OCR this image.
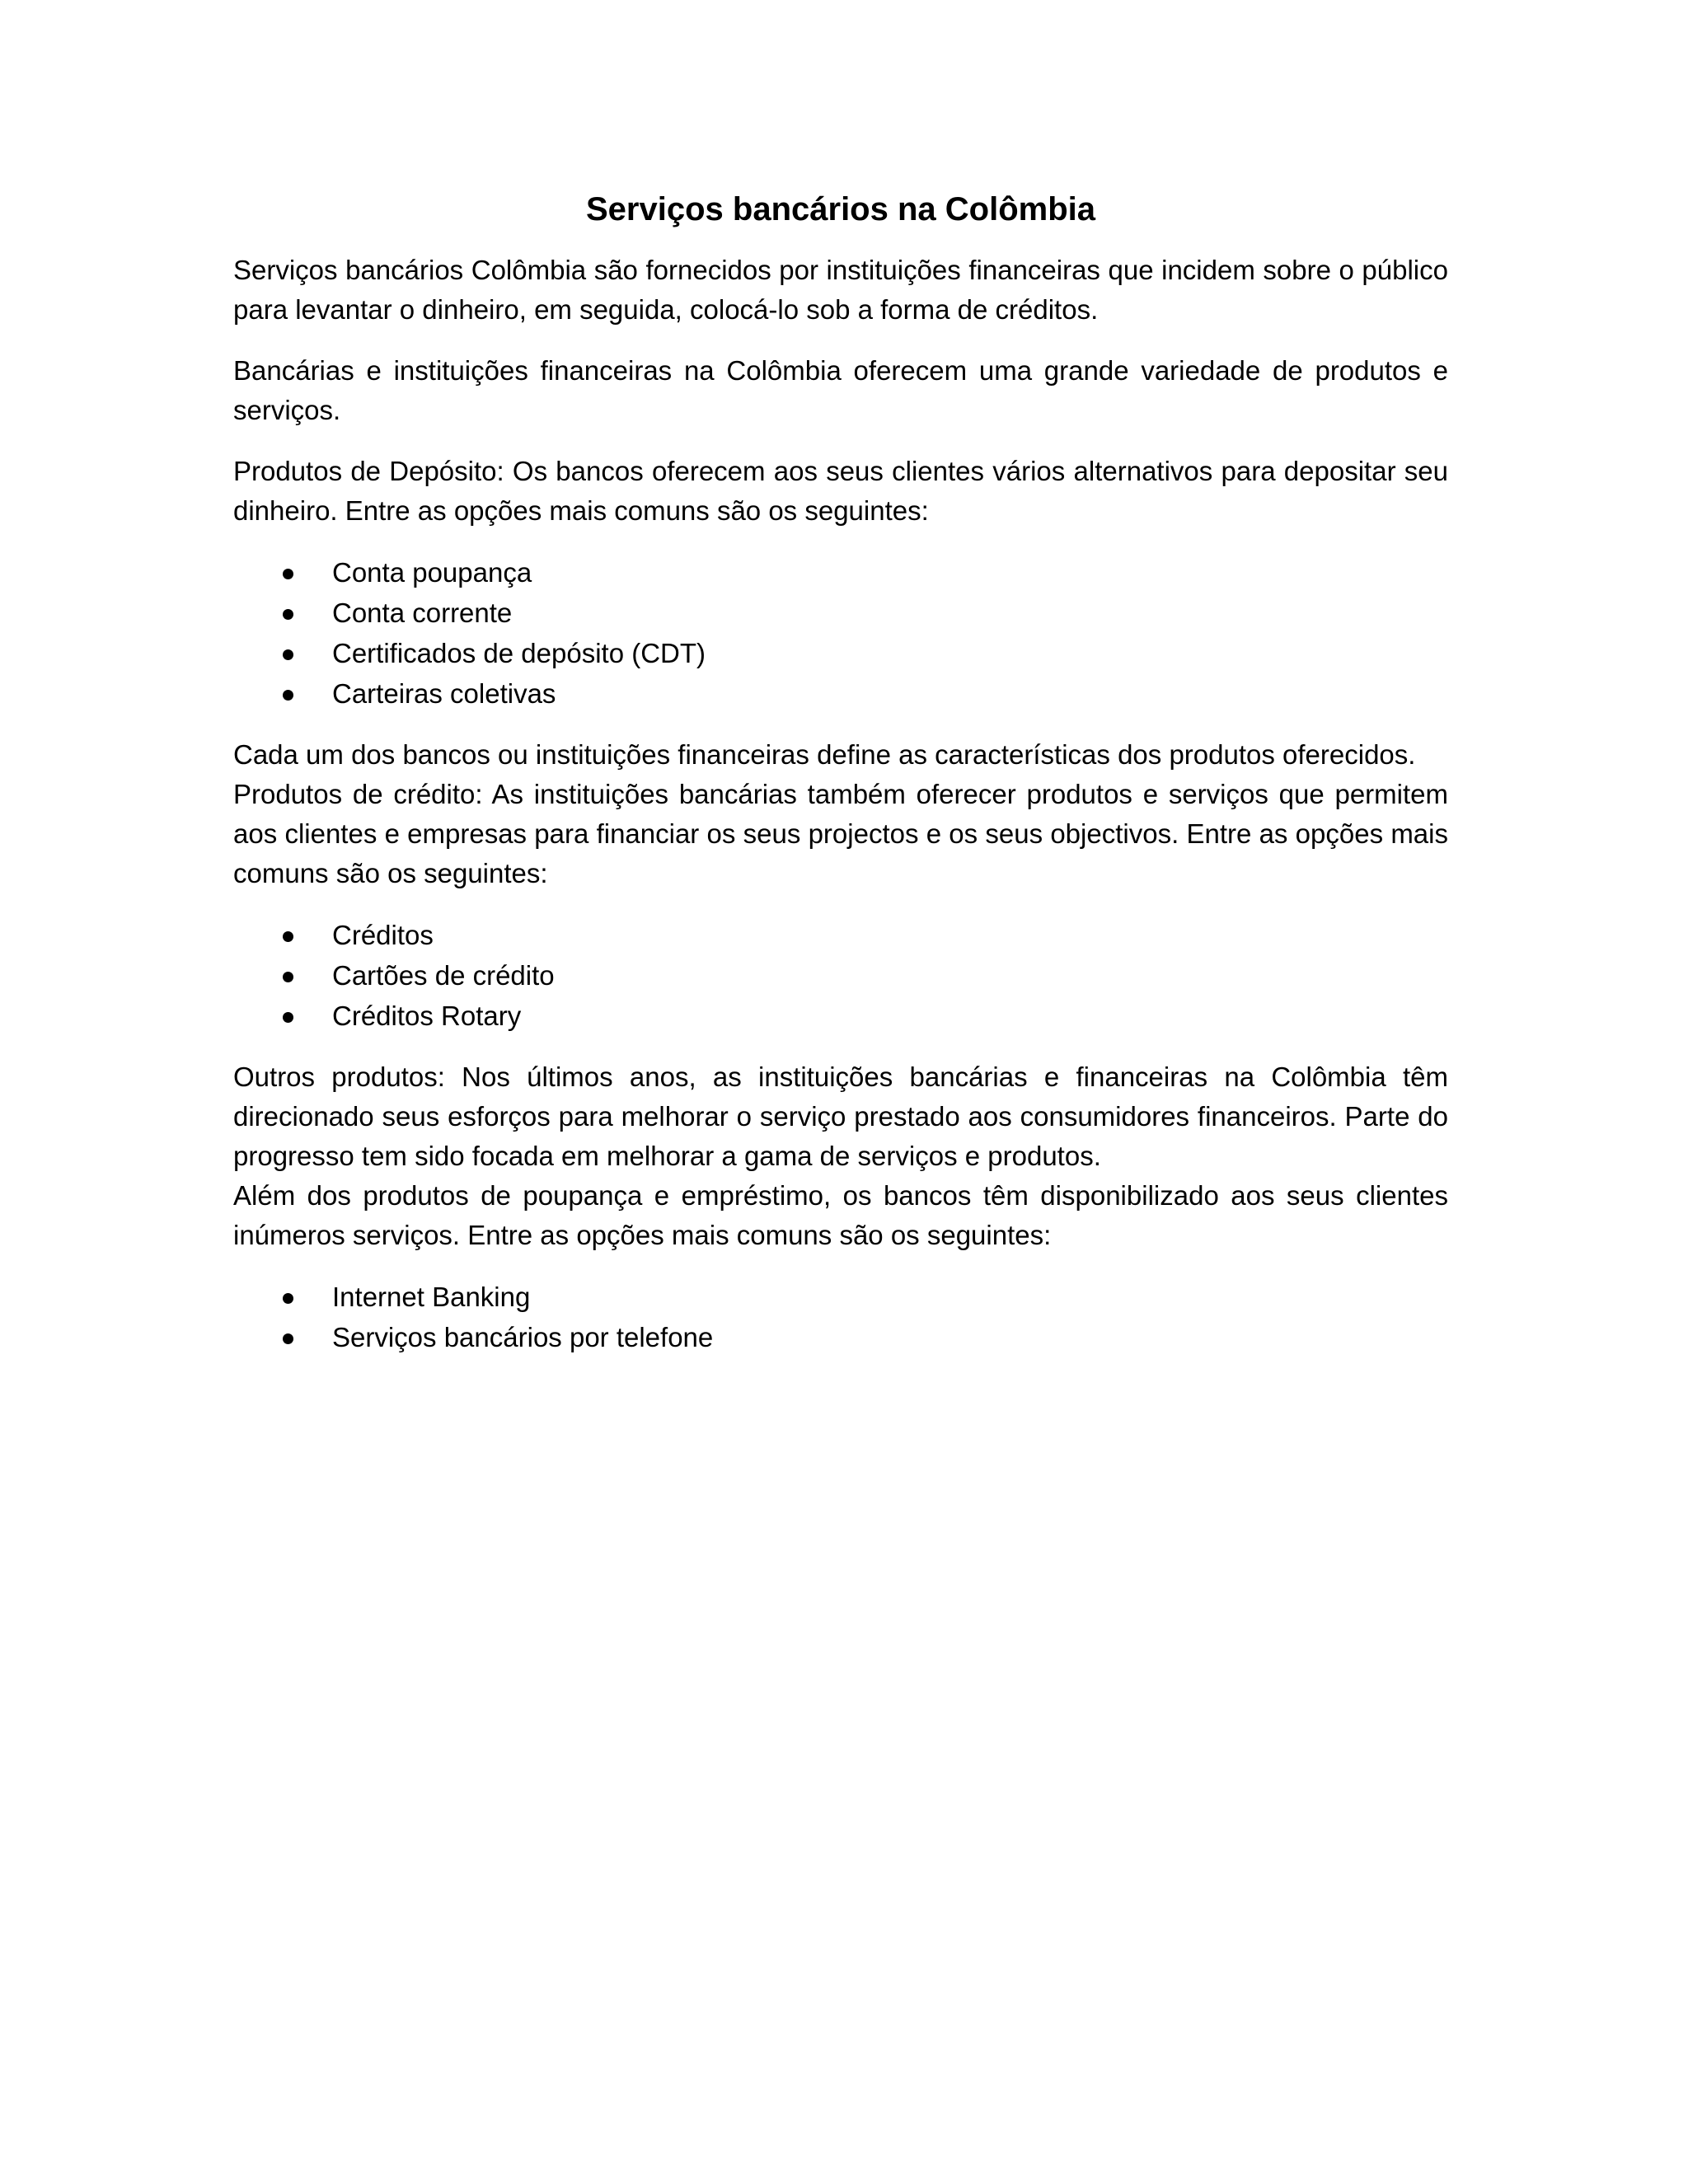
Serviços bancários na Colômbia

Serviços bancários Colômbia são fornecidos por instituições financeiras que incidem sobre o público para levantar o dinheiro, em seguida, colocá-lo sob a forma de créditos.

Bancárias e instituições financeiras na Colômbia oferecem uma grande variedade de produtos e serviços.

Produtos de Depósito: Os bancos oferecem aos seus clientes vários alternativos para depositar seu dinheiro. Entre as opções mais comuns são os seguintes:

Conta poupança
Conta corrente
Certificados de depósito (CDT)
Carteiras coletivas

Cada um dos bancos ou instituições financeiras define as características dos produtos oferecidos.
Produtos de crédito: As instituições bancárias também oferecer produtos e serviços que permitem aos clientes e empresas para financiar os seus projectos e os seus objectivos. Entre as opções mais comuns são os seguintes:

Créditos
Cartões de crédito
Créditos Rotary

Outros produtos: Nos últimos anos, as instituições bancárias e financeiras na Colômbia têm direcionado seus esforços para melhorar o serviço prestado aos consumidores financeiros. Parte do progresso tem sido focada em melhorar a gama de serviços e produtos.
Além dos produtos de poupança e empréstimo, os bancos têm disponibilizado aos seus clientes inúmeros serviços. Entre as opções mais comuns são os seguintes:

Internet Banking
Serviços bancários por telefone
